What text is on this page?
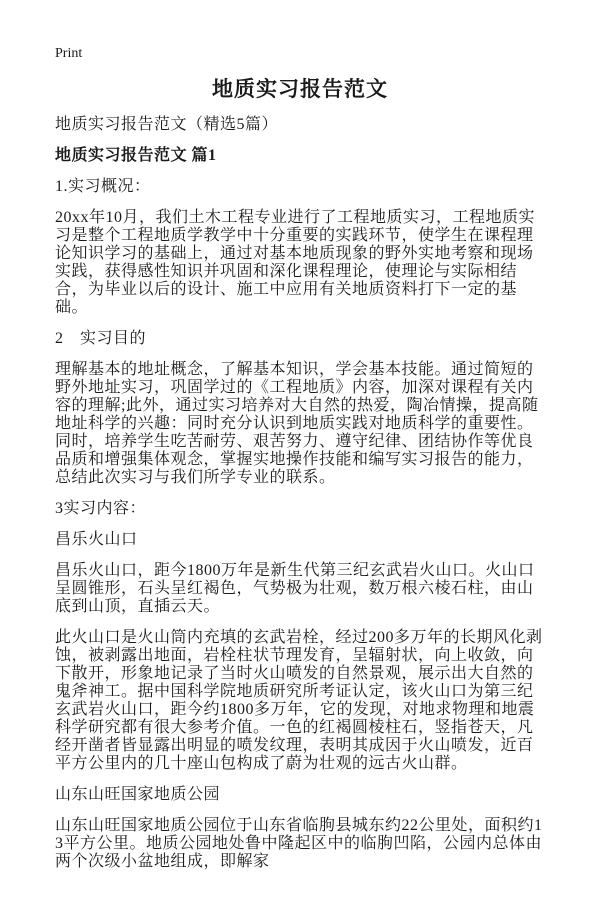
Print
地质实习报告范文
地质实习报告范文（精选5篇）
地质实习报告范文 篇1
1.实习概况：
20xx年10月，我们土木工程专业进行了工程地质实习，工程地质实习是整个工程地质学教学中十分重要的实践环节，使学生在课程理论知识学习的基础上，通过对基本地质现象的野外实地考察和现场实践，获得感性知识并巩固和深化课程理论，使理论与实际相结合，为毕业以后的设计、施工中应用有关地质资料打下一定的基础。
2　实习目的
理解基本的地址概念，了解基本知识，学会基本技能。通过简短的野外地址实习，巩固学过的《工程地质》内容，加深对课程有关内容的理解;此外，通过实习培养对大自然的热爱，陶冶情操，提高随地址科学的兴趣：同时充分认识到地质实践对地质科学的重要性。同时，培养学生吃苦耐劳、艰苦努力、遵守纪律、团结协作等优良品质和增强集体观念，掌握实地操作技能和编写实习报告的能力，总结此次实习与我们所学专业的联系。
3实习内容：
昌乐火山口
昌乐火山口，距今1800万年是新生代第三纪玄武岩火山口。火山口呈圆锥形，石头呈红褐色，气势极为壮观，数万根六棱石柱，由山底到山顶，直插云天。
此火山口是火山筒内充填的玄武岩栓，经过200多万年的长期风化剥蚀，被剥露出地面，岩栓柱状节理发育，呈辐射状，向上收敛，向下散开，形象地记录了当时火山喷发的自然景观，展示出大自然的鬼斧神工。据中国科学院地质研究所考证认定，该火山口为第三纪玄武岩火山口，距今约1800多万年，它的发现，对地求物理和地震科学研究都有很大参考介值。一色的红褐圆棱柱石，竖指苍天，凡经开凿者皆显露出明显的喷发纹理，表明其成因于火山喷发，近百平方公里内的几十座山包构成了蔚为壮观的远古火山群。
山东山旺国家地质公园
山东山旺国家地质公园位于山东省临朐县城东约22公里处，面积约13平方公里。地质公园地处鲁中隆起区中的临朐凹陷，公园内总体由两个次级小盆地组成，即解家
